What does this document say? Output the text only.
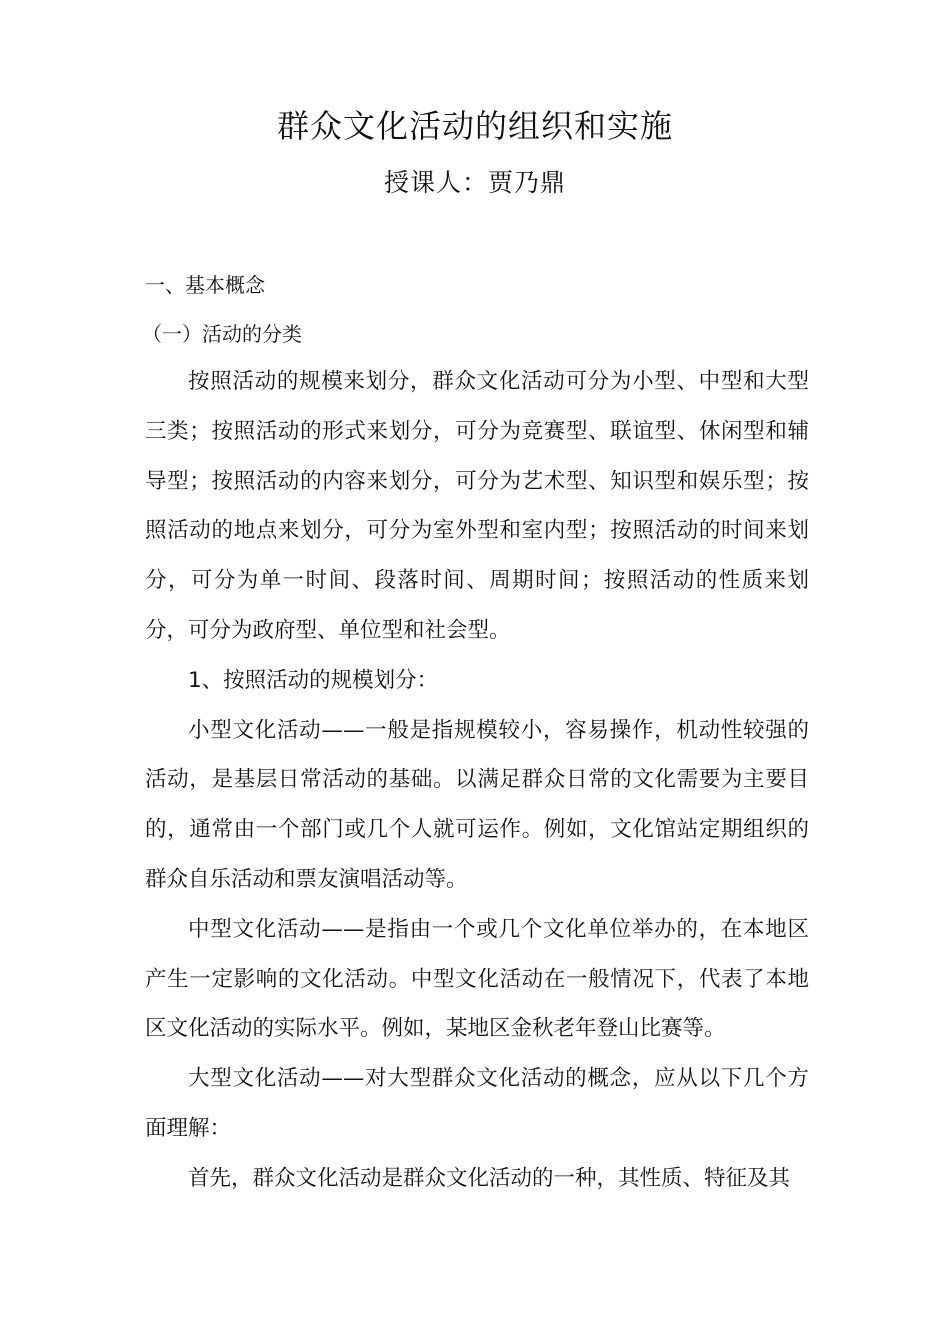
群众文化活动的组织和实施
授课人：贾乃鼎
一、基本概念
（一）活动的分类

按照活动的规模来划分，群众文化活动可分为小型、中型和大型三类；按照活动的形式来划分，可分为竞赛型、联谊型、休闲型和辅导型；按照活动的内容来划分，可分为艺术型、知识型和娱乐型；按照活动的地点来划分，可分为室外型和室内型；按照活动的时间来划分，可分为单一时间、段落时间、周期时间；按照活动的性质来划分，可分为政府型、单位型和社会型。

1、按照活动的规模划分：

小型文化活动——一般是指规模较小，容易操作，机动性较强的活动，是基层日常活动的基础。以满足群众日常的文化需要为主要目的，通常由一个部门或几个人就可运作。例如，文化馆站定期组织的群众自乐活动和票友演唱活动等。

中型文化活动——是指由一个或几个文化单位举办的，在本地区产生一定影响的文化活动。中型文化活动在一般情况下，代表了本地区文化活动的实际水平。例如，某地区金秋老年登山比赛等。

大型文化活动——对大型群众文化活动的概念，应从以下几个方面理解：

首先，群众文化活动是群众文化活动的一种，其性质、特征及其
